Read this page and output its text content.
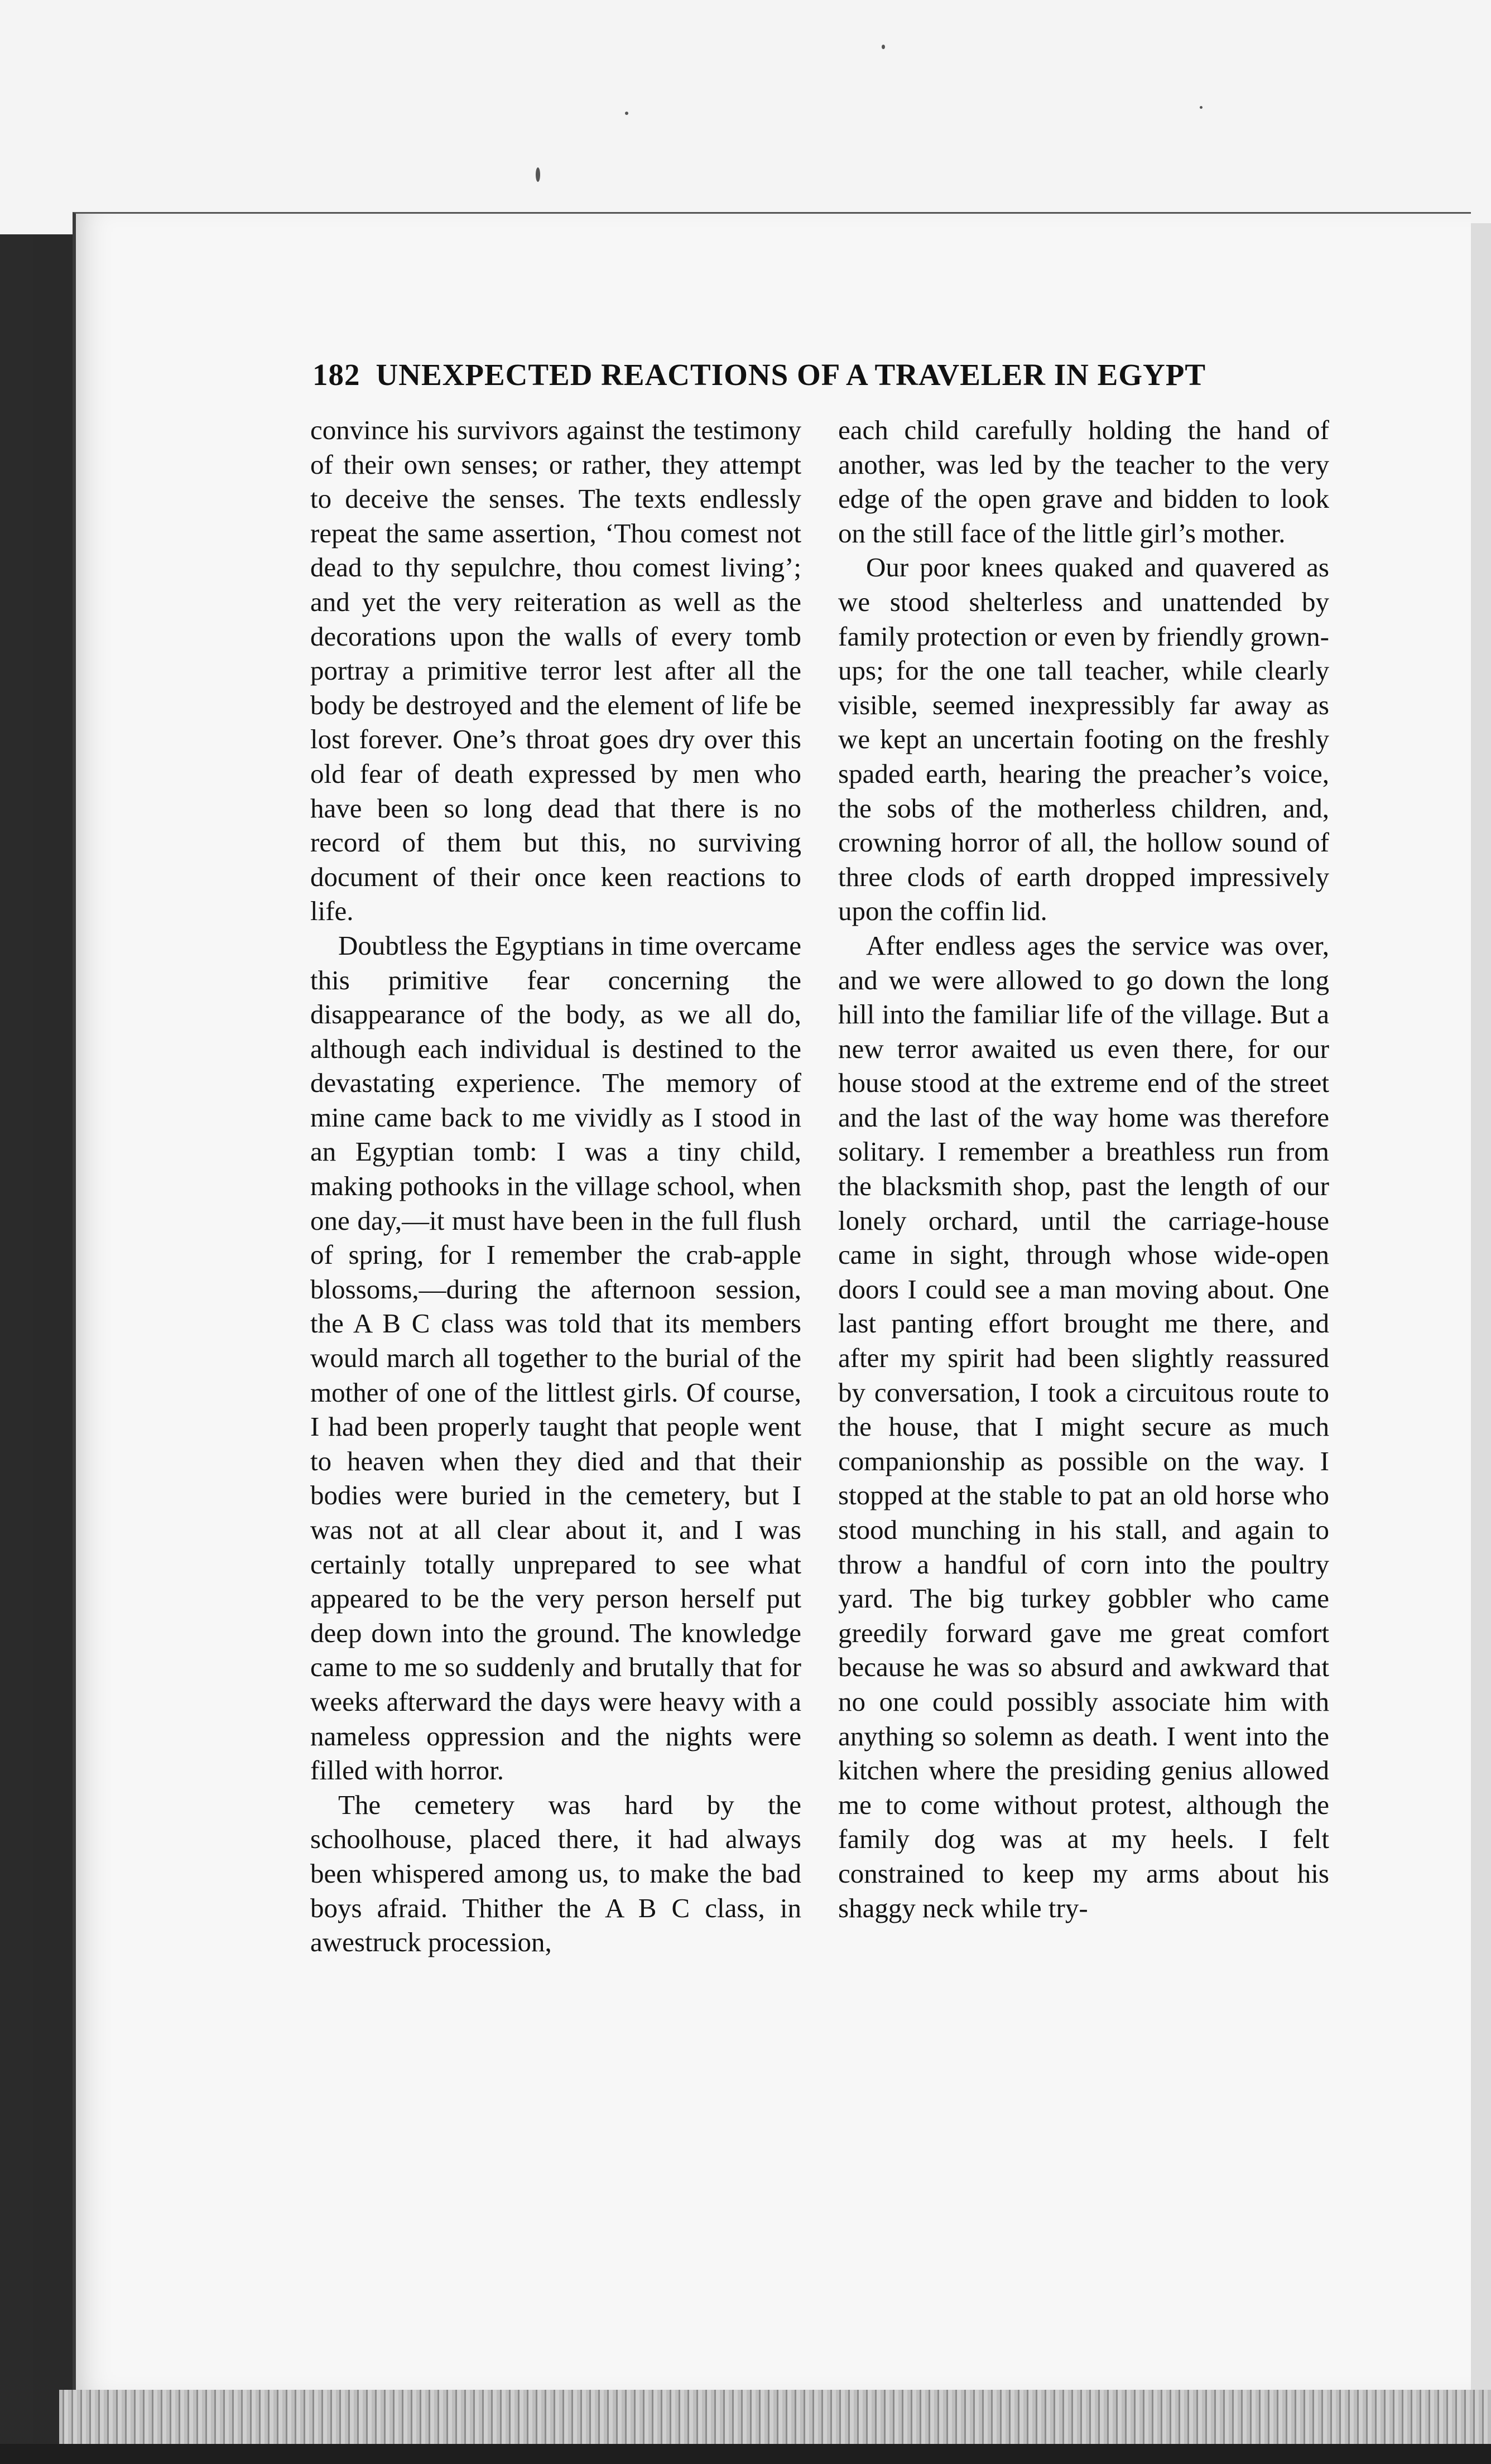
182 UNEXPECTED REACTIONS OF A TRAVELER IN EGYPT

convince his survivors against the testimony of their own senses; or rather, they attempt to deceive the senses. The texts endlessly repeat the same assertion, ‘Thou comest not dead to thy sepulchre, thou comest living’; and yet the very reiteration as well as the decorations upon the walls of every tomb portray a primitive terror lest after all the body be destroyed and the element of life be lost forever. One’s throat goes dry over this old fear of death expressed by men who have been so long dead that there is no record of them but this, no surviving document of their once keen reactions to life.

Doubtless the Egyptians in time overcame this primitive fear concerning the disappearance of the body, as we all do, although each individual is destined to the devastating experience. The memory of mine came back to me vividly as I stood in an Egyptian tomb: I was a tiny child, making pothooks in the village school, when one day,—it must have been in the full flush of spring, for I remember the crab-apple blossoms,—during the afternoon session, the A B C class was told that its members would march all together to the burial of the mother of one of the littlest girls. Of course, I had been properly taught that people went to heaven when they died and that their bodies were buried in the cemetery, but I was not at all clear about it, and I was certainly totally unprepared to see what appeared to be the very person herself put deep down into the ground. The knowledge came to me so suddenly and brutally that for weeks afterward the days were heavy with a nameless oppression and the nights were filled with horror.

The cemetery was hard by the schoolhouse, placed there, it had always been whispered among us, to make the bad boys afraid. Thither the A B C class, in awestruck procession,

each child carefully holding the hand of another, was led by the teacher to the very edge of the open grave and bidden to look on the still face of the little girl’s mother.

Our poor knees quaked and quavered as we stood shelterless and unattended by family protection or even by friendly grown-ups; for the one tall teacher, while clearly visible, seemed inexpressibly far away as we kept an uncertain footing on the freshly spaded earth, hearing the preacher’s voice, the sobs of the motherless children, and, crowning horror of all, the hollow sound of three clods of earth dropped impressively upon the coffin lid.

After endless ages the service was over, and we were allowed to go down the long hill into the familiar life of the village. But a new terror awaited us even there, for our house stood at the extreme end of the street and the last of the way home was therefore solitary. I remember a breathless run from the blacksmith shop, past the length of our lonely orchard, until the carriage-house came in sight, through whose wide-open doors I could see a man moving about. One last panting effort brought me there, and after my spirit had been slightly reassured by conversation, I took a circuitous route to the house, that I might secure as much companionship as possible on the way. I stopped at the stable to pat an old horse who stood munching in his stall, and again to throw a handful of corn into the poultry yard. The big turkey gobbler who came greedily forward gave me great comfort because he was so absurd and awkward that no one could possibly associate him with anything so solemn as death. I went into the kitchen where the presiding genius allowed me to come without protest, although the family dog was at my heels. I felt constrained to keep my arms about his shaggy neck while try-
